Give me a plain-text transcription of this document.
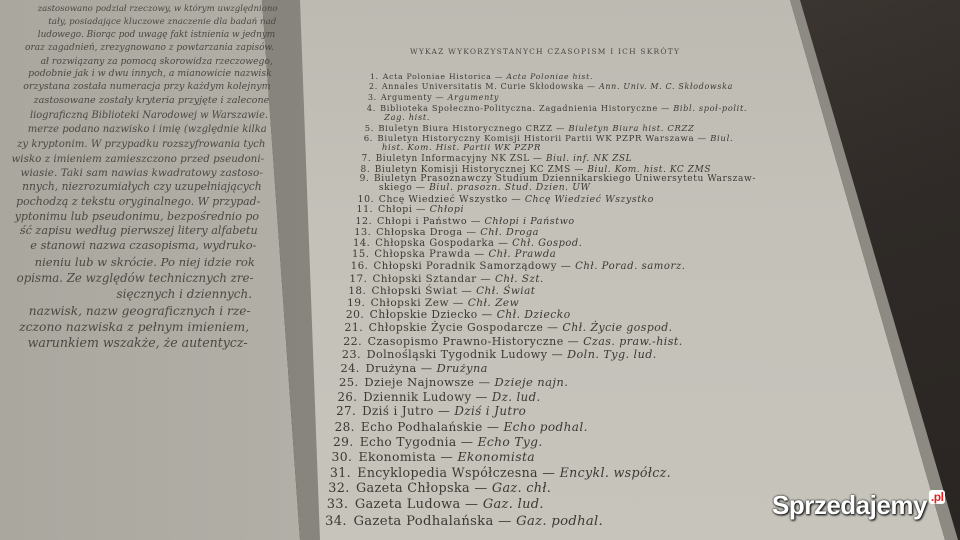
zastosowano podział rzeczowy, w którym uwzględniono
tały, posiadające kluczowe znaczenie dla badań nad
ludowego. Biorąc pod uwagę fakt istnienia w jednym
oraz zagadnień, zrezygnowano z powtarzania zapisów.
ał rozwiązany za pomocą skorowidza rzeczowego,
podobnie jak i w dwu innych, a mianowicie nazwisk
orzystana została numeracja przy każdym kolejnym
zastosowane zostały kryteria przyjęte i zalecone
liograficzną Biblioteki Narodowej w Warszawie.
merze podano nazwisko i imię (względnie kilka
zy kryptonim. W przypadku rozszyfrowania tych
wisko z imieniem zamieszczono przed pseudoni-
wiasie. Taki sam nawias kwadratowy zastoso-
nnych, niezrozumiałych czy uzupełniających
pochodzą z tekstu oryginalnego. W przypad-
yptonimu lub pseudonimu, bezpośrednio po
ść zapisu według pierwszej litery alfabetu
e stanowi nazwa czasopisma, wydruko-
nieniu lub w skrócie. Po niej idzie rok
opisma. Ze względów technicznych zre-
sięcznych i dziennych.
nazwisk, nazw geograficznych i rze-
zczono nazwiska z pełnym imieniem,
warunkiem wszakże, że autentycz-
WYKAZ WYKORZYSTANYCH CZASOPISM I ICH SKRÓTY
1. Acta Poloniae Historica — Acta Poloniae hist.
2. Annales Universitatis M. Curie Skłodowska — Ann. Univ. M. C. Skłodowska
3. Argumenty — Argumenty
4. Biblioteka Społeczno-Polityczna. Zagadnienia Historyczne — Bibl. społ-polit.
Zag. hist.
5. Biuletyn Biura Historycznego CRZZ — Biuletyn Biura hist. CRZZ
6. Biuletyn Historyczny Komisji Historii Partii WK PZPR Warszawa — Biul.
hist. Kom. Hist. Partii WK PZPR
7. Biuletyn Informacyjny NK ZSL — Biul. inf. NK ZSL
8. Biuletyn Komisji Historycznej KC ZMS — Biul. Kom. hist. KC ZMS
9. Biuletyn Prasoznawczy Studium Dziennikarskiego Uniwersytetu Warszaw-
skiego — Biul. prasozn. Stud. Dzien. UW
10. Chcę Wiedzieć Wszystko — Chcę Wiedzieć Wszystko
11. Chłopi — Chłopi
12. Chłopi i Państwo — Chłopi i Państwo
13. Chłopska Droga — Chł. Droga
14. Chłopska Gospodarka — Chł. Gospod.
15. Chłopska Prawda — Chł. Prawda
16. Chłopski Poradnik Samorządowy — Chł. Porad. samorz.
17. Chłopski Sztandar — Chł. Szt.
18. Chłopski Świat — Chł. Świat
19. Chłopski Zew — Chł. Zew
20. Chłopskie Dziecko — Chł. Dziecko
21. Chłopskie Życie Gospodarcze — Chł. Życie gospod.
22. Czasopismo Prawno-Historyczne — Czas. praw.-hist.
23. Dolnośląski Tygodnik Ludowy — Doln. Tyg. lud.
24. Drużyna — Drużyna
25. Dzieje Najnowsze — Dzieje najn.
26. Dziennik Ludowy — Dz. lud.
27. Dziś i Jutro — Dziś i Jutro
28. Echo Podhalańskie — Echo podhal.
29. Echo Tygodnia — Echo Tyg.
30. Ekonomista — Ekonomista
31. Encyklopedia Współczesna — Encykl. współcz.
32. Gazeta Chłopska — Gaz. chł.
33. Gazeta Ludowa — Gaz. lud.
34. Gazeta Podhalańska — Gaz. podhal.
Sprzedajemy $^{.pl}$
